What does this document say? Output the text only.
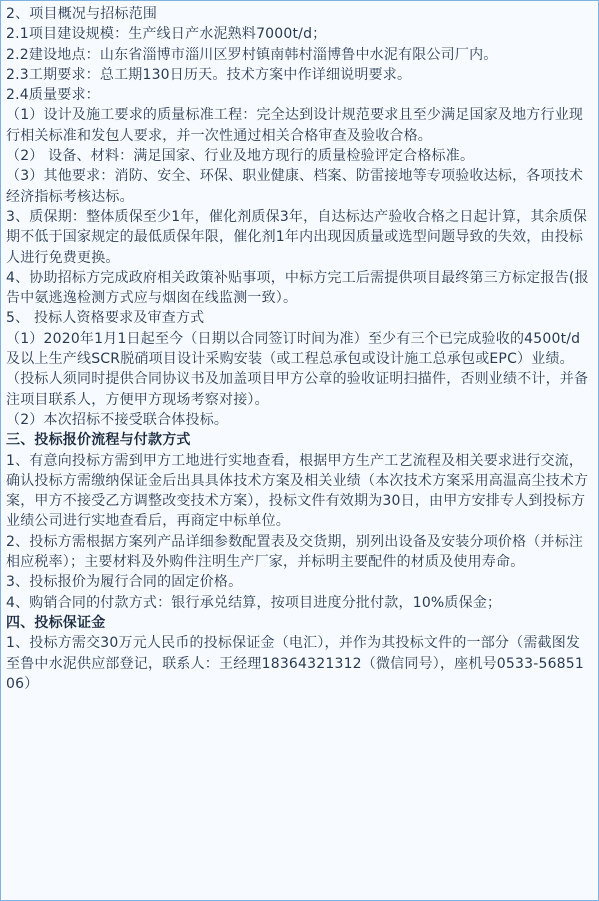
2、项目概况与招标范围

2.1项目建设规模：生产线日产水泥熟料7000t/d；

2.2建设地点：山东省淄博市淄川区罗村镇南韩村淄博鲁中水泥有限公司厂内。

2.3工期要求：总工期130日历天。技术方案中作详细说明要求。

2.4质量要求：

（1）设计及施工要求的质量标准工程：完全达到设计规范要求且至少满足国家及地方行业现行相关标准和发包人要求，并一次性通过相关合格审查及验收合格。

（2） 设备、材料：满足国家、行业及地方现行的质量检验评定合格标准。

（3）其他要求：消防、安全、环保、职业健康、档案、防雷接地等专项验收达标，各项技术经济指标考核达标。

3、质保期：整体质保至少1年，催化剂质保3年，自达标达产验收合格之日起计算，其余质保期不低于国家规定的最低质保年限，催化剂1年内出现因质量或选型问题导致的失效，由投标人进行免费更换。

4、协助招标方完成政府相关政策补贴事项，中标方完工后需提供项目最终第三方标定报告(报告中氨逃逸检测方式应与烟囱在线监测一致）。

5、 投标人资格要求及审查方式

（1）2020年1月1日起至今（日期以合同签订时间为准）至少有三个已完成验收的4500t/d及以上生产线SCR脱硝项目设计采购安装（或工程总承包或设计施工总承包或EPC）业绩。（投标人须同时提供合同协议书及加盖项目甲方公章的验收证明扫描件，否则业绩不计，并备注项目联系人，方便甲方现场考察对接）。

（2）本次招标不接受联合体投标。

三、投标报价流程与付款方式

1、有意向投标方需到甲方工地进行实地查看，根据甲方生产工艺流程及相关要求进行交流，确认投标方需缴纳保证金后出具具体技术方案及相关业绩（本次技术方案采用高温高尘技术方案，甲方不接受乙方调整改变技术方案），投标文件有效期为30日，由甲方安排专人到投标方业绩公司进行实地查看后，再商定中标单位。

2、投标方需根据方案列产品详细参数配置表及交货期，别列出设备及安装分项价格（并标注相应税率）；主要材料及外购件注明生产厂家，并标明主要配件的材质及使用寿命。

3、投标报价为履行合同的固定价格。

4、购销合同的付款方式：银行承兑结算，按项目进度分批付款，10%质保金；

四、投标保证金

1、投标方需交30万元人民币的投标保证金（电汇），并作为其投标文件的一部分（需截图发至鲁中水泥供应部登记，联系人：王经理18364321312（微信同号），座机号0533-5685106）
